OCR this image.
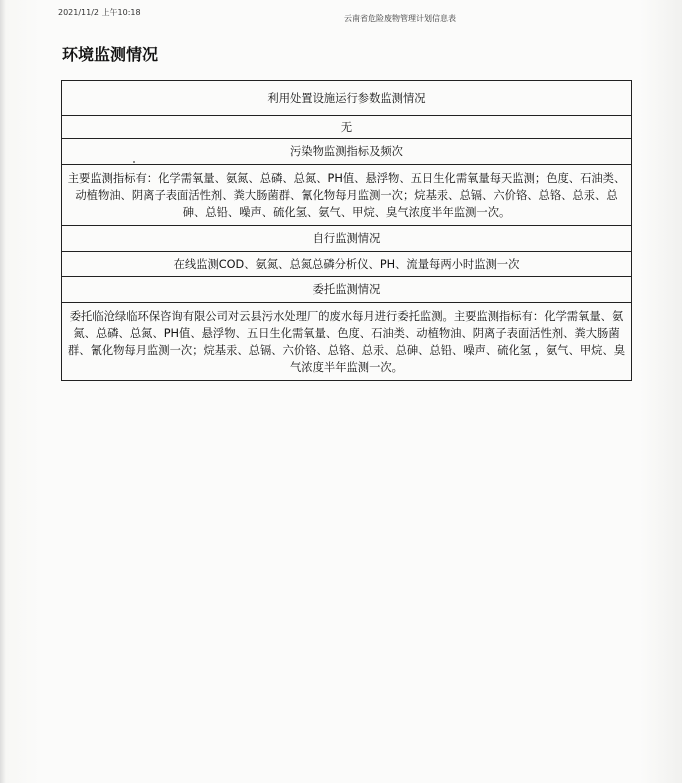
2021/11/2 上午10:18
云南省危险废物管理计划信息表
环境监测情况
利用处置设施运行参数监测情况
无
污染物监测指标及频次
主要监测指标有：化学需氧量、氨氮、总磷、总氮、PH值、悬浮物、五日生化需氧量每天监测；色度、石油类、动植物油、阴离子表面活性剂、粪大肠菌群、氰化物每月监测一次；烷基汞、总镉、六价铬、总铬、总汞、总砷、总铅、噪声、硫化氢、氨气、甲烷、臭气浓度半年监测一次。
自行监测情况
在线监测COD、氨氮、总氮总磷分析仪、PH、流量每两小时监测一次
委托监测情况
委托临沧绿临环保咨询有限公司对云县污水处理厂的废水每月进行委托监测。主要监测指标有：化学需氧量、氨氮、总磷、总氮、PH值、悬浮物、五日生化需氧量、色度、石油类、动植物油、阴离子表面活性剂、粪大肠菌群、氰化物每月监测一次；烷基汞、总镉、六价铬、总铬、总汞、总砷、总铅、噪声、硫化氢 ，氨气、甲烷、臭气浓度半年监测一次。
